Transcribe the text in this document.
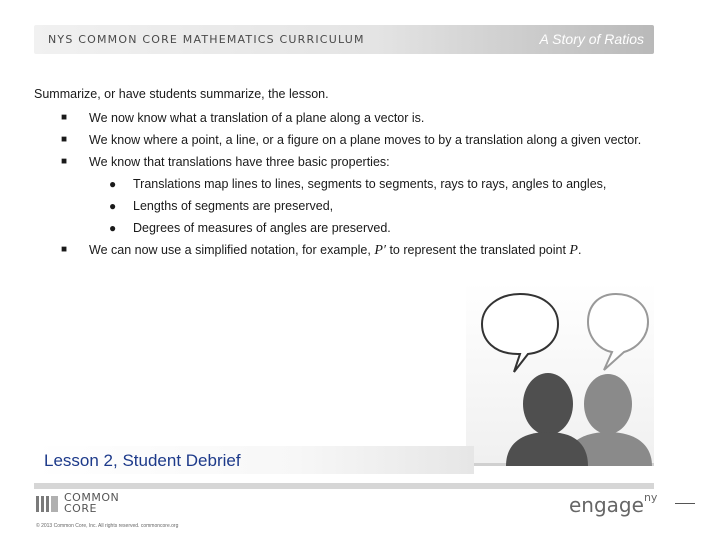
NYS COMMON CORE MATHEMATICS CURRICULUM	A Story of Ratios

Summarize, or have students summarize, the lesson.

■ We now know what a translation of a plane along a vector is.
■ We know where a point, a line, or a figure on a plane moves to by a translation along a given vector.
■ We know that translations have three basic properties:
● Translations map lines to lines, segments to segments, rays to rays, angles to angles,
● Lengths of segments are preserved,
● Degrees of measures of angles are preserved.
■ We can now use a simplified notation, for example, P′ to represent the translated point P.
Lesson 2, Student Debrief
COMMON
CORE
© 2013 Common Core, Inc. All rights reserved. commoncore.org
engage$^{ny}$
